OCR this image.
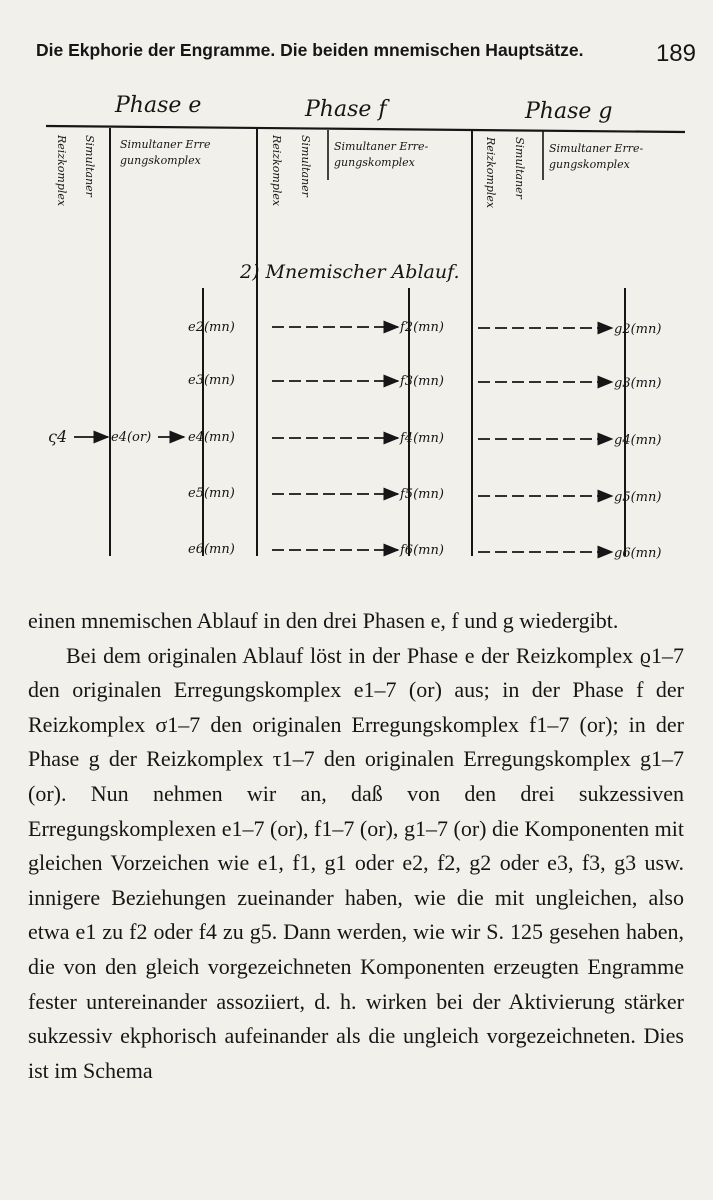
Die Ekphorie der Engramme. Die beiden mnemischen Hauptsätze.	189
Phase e	Phase f	Phase g
Reizkomplex Simultaner	Reizkomplex Simultaner	Reizkomplex Simultaner
Simultaner Erre
gungskomplex
Simultaner Erre-
gungskomplex
Simultaner Erre-
gungskomplex
2) Mnemischer Ablauf.
e2(mn)	f2(mn)	g2(mn)
e3(mn)	f3(mn)	g3(mn)
ς4	e4(or)	e4(mn)	f4(mn)	g4(mn)
e5(mn)	f5(mn)	g5(mn)
e6(mn)	f6(mn)	g6(mn)

einen mnemischen Ablauf in den drei Phasen e, f und g wiedergibt.

Bei dem originalen Ablauf löst in der Phase e der Reizkomplex ϱ1–7 den originalen Erregungskomplex e1–7 (or) aus; in der Phase f der Reizkomplex σ1–7 den originalen Erregungskomplex f1–7 (or); in der Phase g der Reizkomplex τ1–7 den originalen Erregungskomplex g1–7 (or). Nun nehmen wir an, daß von den drei sukzessiven Erregungskomplexen e1–7 (or), f1–7 (or), g1–7 (or) die Komponenten mit gleichen Vorzeichen wie e1, f1, g1 oder e2, f2, g2 oder e3, f3, g3 usw. innigere Beziehungen zueinander haben, wie die mit ungleichen, also etwa e1 zu f2 oder f4 zu g5. Dann werden, wie wir S. 125 gesehen haben, die von den gleich vorgezeichneten Komponenten erzeugten Engramme fester untereinander assoziiert, d. h. wirken bei der Aktivierung stärker sukzessiv ekphorisch aufeinander als die ungleich vorgezeichneten. Dies ist im Schema
